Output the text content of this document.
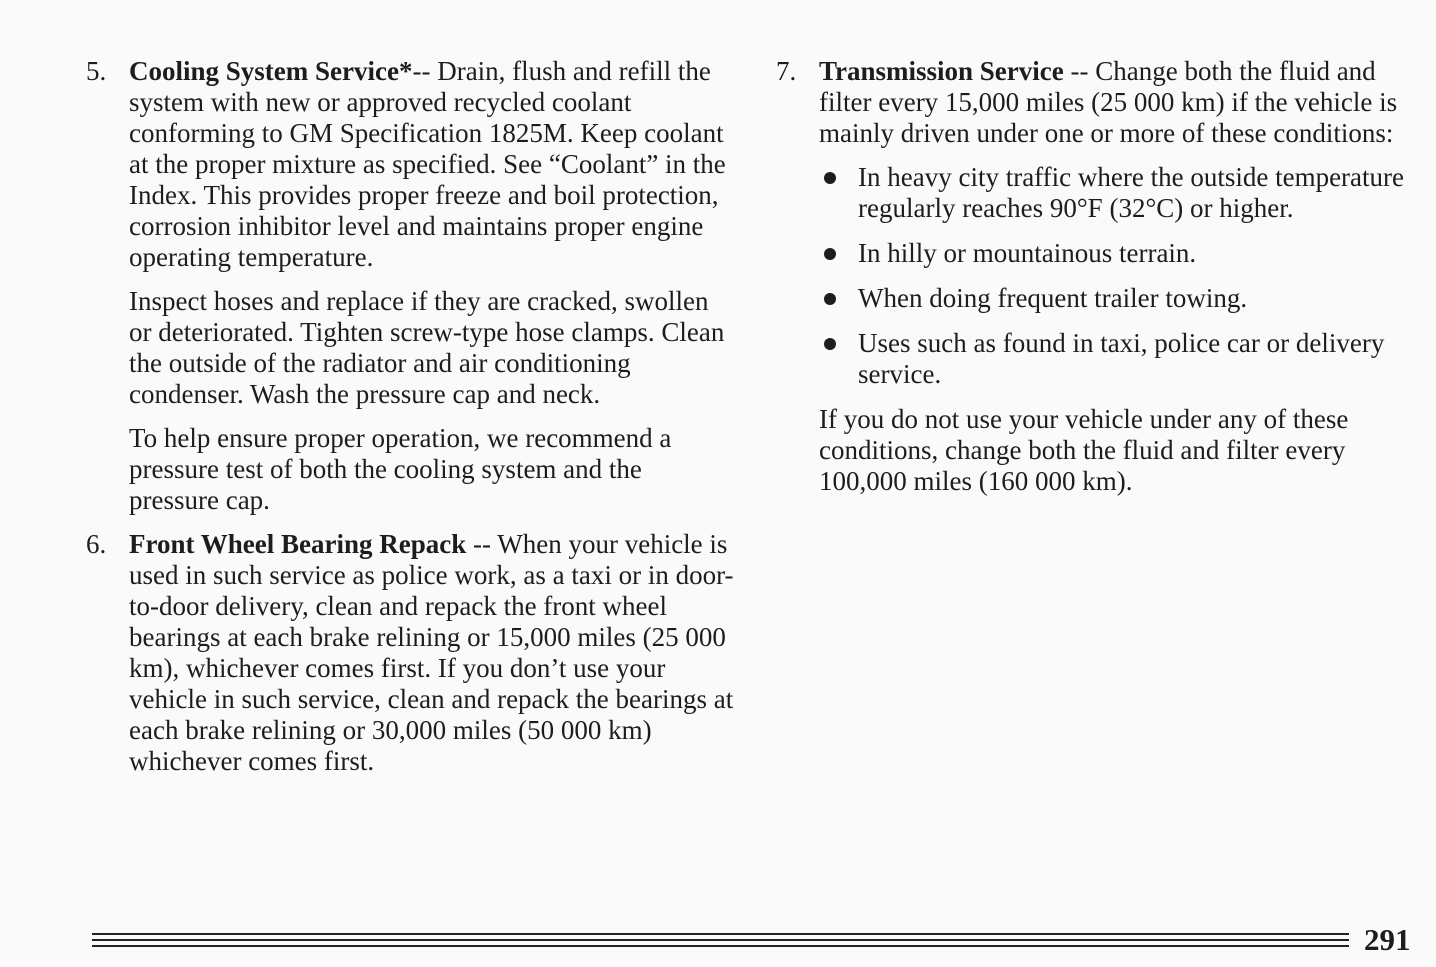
5. Cooling System Service*-- Drain, flush and refill the system with new or approved recycled coolant conforming to GM Specification 1825M. Keep coolant at the proper mixture as specified. See “Coolant” in the Index. This provides proper freeze and boil protection, corrosion inhibitor level and maintains proper engine operating temperature.

Inspect hoses and replace if they are cracked, swollen or deteriorated. Tighten screw-type hose clamps. Clean the outside of the radiator and air conditioning condenser. Wash the pressure cap and neck.

To help ensure proper operation, we recommend a pressure test of both the cooling system and the pressure cap.

6. Front Wheel Bearing Repack -- When your vehicle is used in such service as police work, as a taxi or in door-to-door delivery, clean and repack the front wheel bearings at each brake relining or 15,000 miles (25 000 km), whichever comes first. If you don’t use your vehicle in such service, clean and repack the bearings at each brake relining or 30,000 miles (50 000 km) whichever comes first.

7. Transmission Service -- Change both the fluid and filter every 15,000 miles (25 000 km) if the vehicle is mainly driven under one or more of these conditions:

In heavy city traffic where the outside temperature regularly reaches 90°F (32°C) or higher.
In hilly or mountainous terrain.
When doing frequent trailer towing.
Uses such as found in taxi, police car or delivery service.

If you do not use your vehicle under any of these conditions, change both the fluid and filter every 100,000 miles (160 000 km).

291
